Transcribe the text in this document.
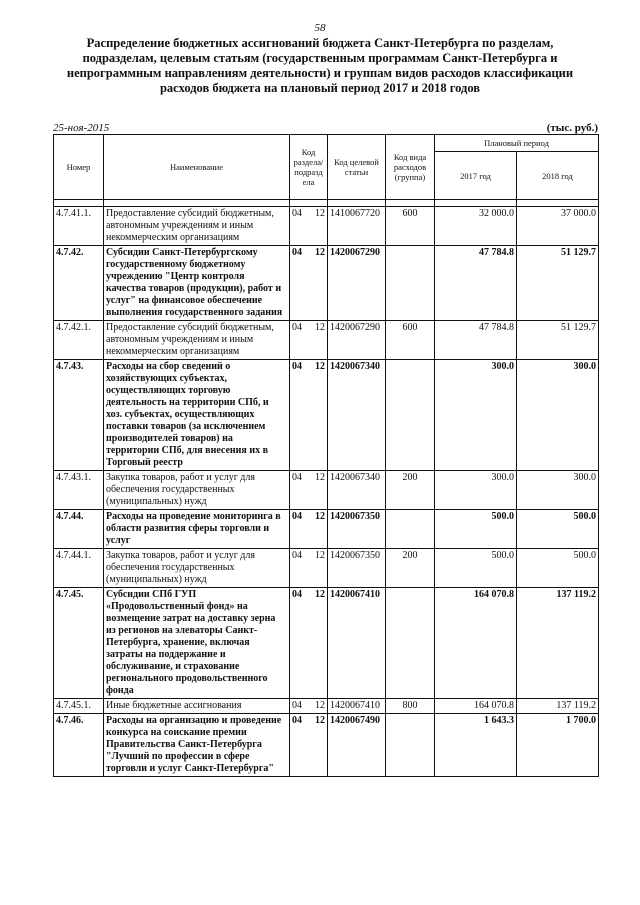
58
Распределение бюджетных ассигнований бюджета Санкт-Петербурга по разделам, подразделам, целевым статьям (государственным программам Санкт-Петербурга и непрограммным направлениям деятельности) и группам видов расходов классификации расходов бюджета на плановый период 2017 и 2018 годов
25-ноя-2015	(тыс. руб.)
Номер	Наименование	Код раздела/ подразд ела	Код целевой статьи	Код вида расходов (группа)	Плановый период	
					2017 год	2018 год

4.7.41.1.	Предоставление субсидий бюджетным, автономным учреждениям и иным некоммерческим организациям	04 12	1410067720	600	32 000.0	37 000.0
4.7.42.	Субсидии Санкт-Петербургскому государственному бюджетному учреждению "Центр контроля качества товаров (продукции), работ и услуг" на финансовое обеспечение выполнения государственного задания	04 12	1420067290		47 784.8	51 129.7
4.7.42.1.	Предоставление субсидий бюджетным, автономным учреждениям и иным некоммерческим организациям	04 12	1420067290	600	47 784.8	51 129.7
4.7.43.	Расходы на сбор сведений о хозяйствующих субъектах, осуществляющих торговую деятельность на территории СПб, и хоз. субъектах, осуществляющих поставки товаров (за исключением производителей товаров) на территории СПб, для внесения их в Торговый реестр	04 12	1420067340		300.0	300.0
4.7.43.1.	Закупка товаров, работ и услуг для обеспечения государственных (муниципальных) нужд	04 12	1420067340	200	300.0	300.0
4.7.44.	Расходы на проведение мониторинга в области развития сферы торговли и услуг	04 12	1420067350		500.0	500.0
4.7.44.1.	Закупка товаров, работ и услуг для обеспечения государственных (муниципальных) нужд	04 12	1420067350	200	500.0	500.0
4.7.45.	Субсидии СПб ГУП «Продовольственный фонд» на возмещение затрат на доставку зерна из регионов на элеваторы Санкт-Петербурга, хранение, включая затраты на поддержание и обслуживание, и страхование регионального продовольственного фонда	04 12	1420067410		164 070.8	137 119.2
4.7.45.1.	Иные бюджетные ассигнования	04 12	1420067410	800	164 070.8	137 119.2
4.7.46.	Расходы на организацию и проведение конкурса на соискание премии Правительства Санкт-Петербурга "Лучший по профессии в сфере торговли и услуг Санкт-Петербурга"	04 12	1420067490		1 643.3	1 700.0
